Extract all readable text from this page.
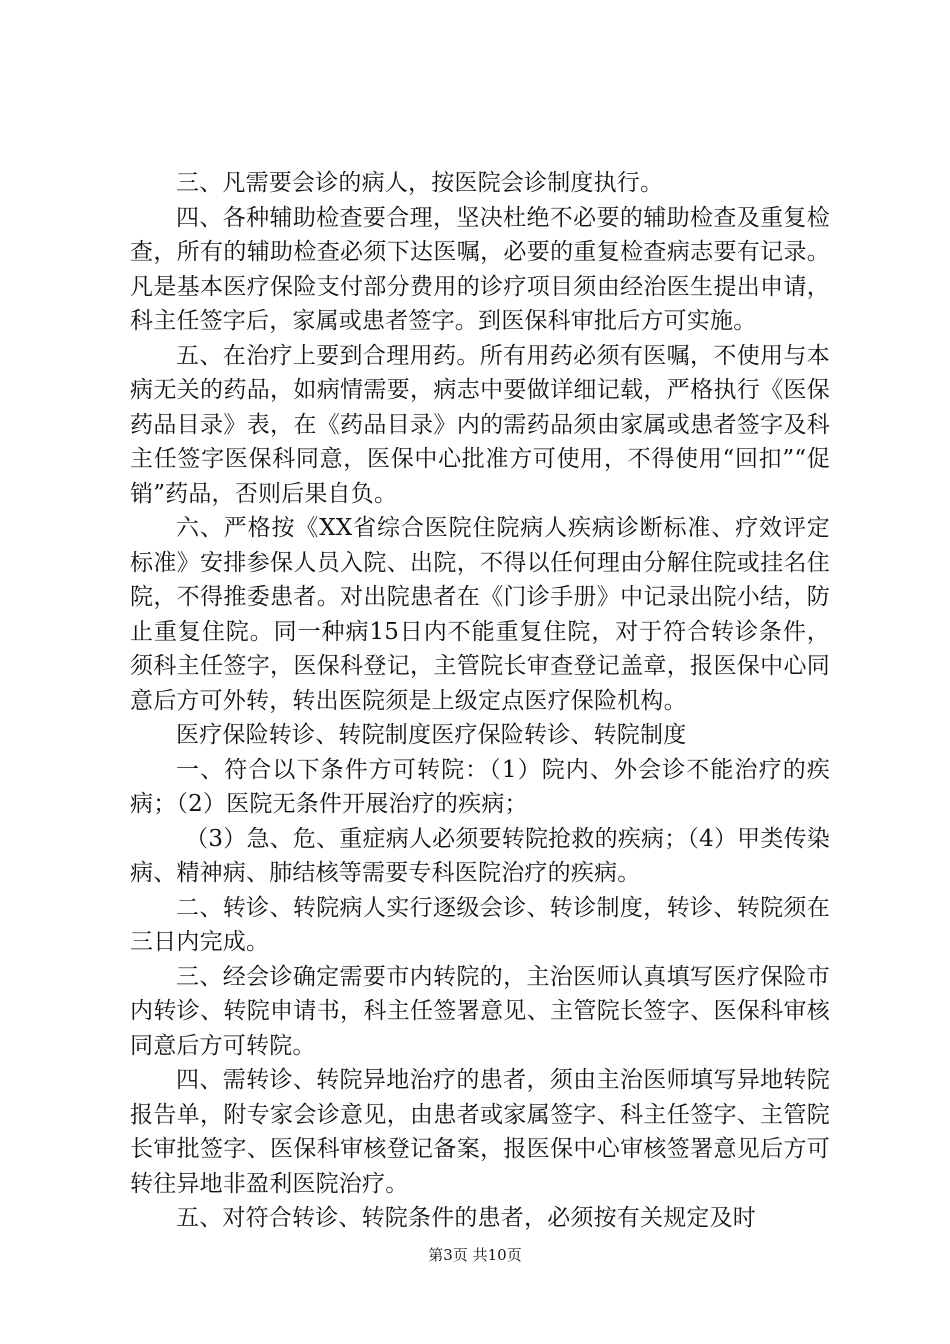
三、凡需要会诊的病人，按医院会诊制度执行。

四、各种辅助检查要合理，坚决杜绝不必要的辅助检查及重复检查，所有的辅助检查必须下达医嘱，必要的重复检查病志要有记录。凡是基本医疗保险支付部分费用的诊疗项目须由经治医生提出申请，科主任签字后，家属或患者签字。到医保科审批后方可实施。

五、在治疗上要到合理用药。所有用药必须有医嘱，不使用与本病无关的药品，如病情需要，病志中要做详细记载，严格执行《医保药品目录》表，在《药品目录》内的需药品须由家属或患者签字及科主任签字医保科同意，医保中心批准方可使用，不得使用“回扣”“促销”药品，否则后果自负。

六、严格按《XX省综合医院住院病人疾病诊断标准、疗效评定标准》安排参保人员入院、出院，不得以任何理由分解住院或挂名住院，不得推委患者。对出院患者在《门诊手册》中记录出院小结，防止重复住院。同一种病15日内不能重复住院，对于符合转诊条件，须科主任签字，医保科登记，主管院长审查登记盖章，报医保中心同意后方可外转，转出医院须是上级定点医疗保险机构。

医疗保险转诊、转院制度医疗保险转诊、转院制度

一、符合以下条件方可转院：（1）院内、外会诊不能治疗的疾病；（2）医院无条件开展治疗的疾病；

（3）急、危、重症病人必须要转院抢救的疾病；（4）甲类传染病、精神病、肺结核等需要专科医院治疗的疾病。

二、转诊、转院病人实行逐级会诊、转诊制度，转诊、转院须在三日内完成。

三、经会诊确定需要市内转院的，主治医师认真填写医疗保险市内转诊、转院申请书，科主任签署意见、主管院长签字、医保科审核同意后方可转院。

四、需转诊、转院异地治疗的患者，须由主治医师填写异地转院报告单，附专家会诊意见，由患者或家属签字、科主任签字、主管院长审批签字、医保科审核登记备案，报医保中心审核签署意见后方可转往异地非盈利医院治疗。

五、对符合转诊、转院条件的患者，必须按有关规定及时

第3页 共10页
